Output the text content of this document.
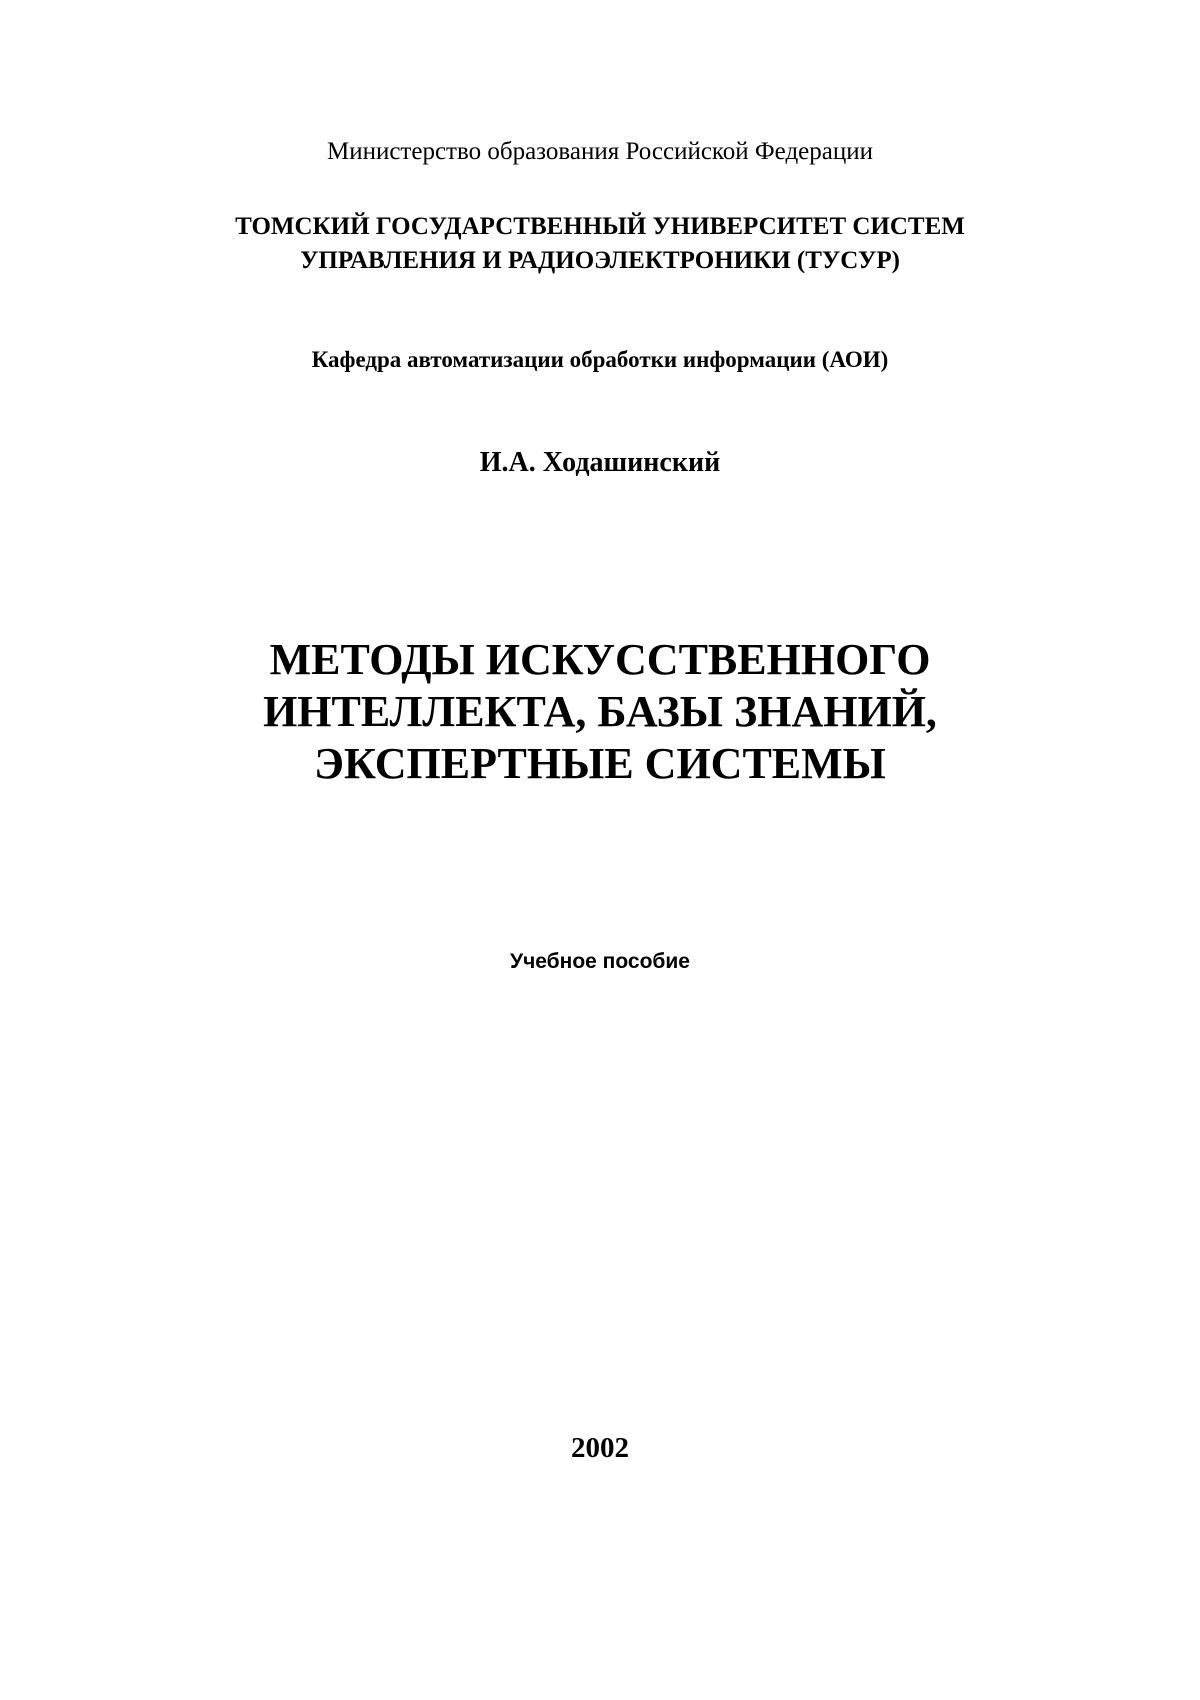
Министерство образования Российской Федерации
ТОМСКИЙ ГОСУДАРСТВЕННЫЙ УНИВЕРСИТЕТ СИСТЕМ
УПРАВЛЕНИЯ И РАДИОЭЛЕКТРОНИКИ (ТУСУР)
Кафедра автоматизации обработки информации (АОИ)
И.А. Ходашинский
МЕТОДЫ ИСКУССТВЕННОГО
ИНТЕЛЛЕКТА, БАЗЫ ЗНАНИЙ,
ЭКСПЕРТНЫЕ СИСТЕМЫ
Учебное пособие
2002
